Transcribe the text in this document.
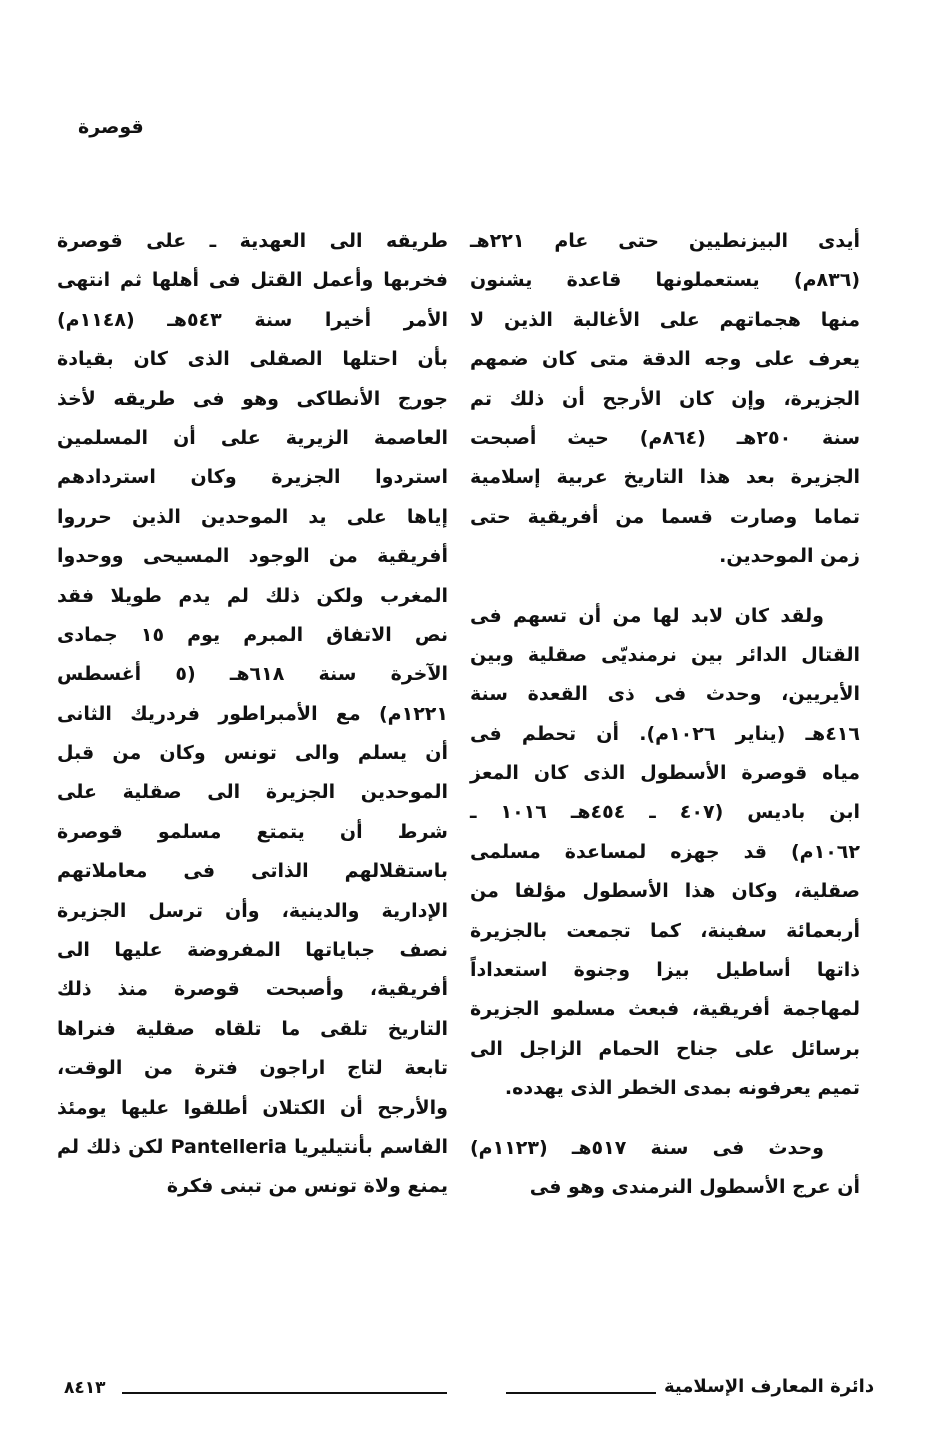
قوصرة
أيدى البيزنطيين حتى عام ٢٢١هـ
(٨٣٦م) يستعملونها قاعدة يشنون
منها هجماتهم على الأغالبة الذين لا
يعرف على وجه الدقة متى كان ضمهم
الجزيرة، وإن كان الأرجح أن ذلك تم
سنة ٢٥٠هـ (٨٦٤م) حيث أصبحت
الجزيرة بعد هذا التاريخ عربية إسلامية
تماما وصارت قسما من أفريقية حتى
زمن الموحدين.
ولقد كان لابد لها من أن تسهم فى
القتال الدائر بين نرمنديّى صقلية وبين
الأيريين، وحدث فى ذى القعدة سنة
٤١٦هـ (يناير ١٠٢٦م). أن تحطم فى
مياه قوصرة الأسطول الذى كان المعز
ابن باديس (٤٠٧ ـ ٤٥٤هـ ١٠١٦ ـ
١٠٦٢م) قد جهزه لمساعدة مسلمى
صقلية، وكان هذا الأسطول مؤلفا من
أربعمائة سفينة، كما تجمعت بالجزيرة
ذاتها أساطيل بيزا وجنوة استعداداً
لمهاجمة أفريقية، فبعث مسلمو الجزيرة
برسائل على جناح الحمام الزاجل الى
تميم يعرفونه بمدى الخطر الذى يهدده.
وحدث فى سنة ٥١٧هـ (١١٢٣م)
أن عرج الأسطول النرمندى وهو فى
طريقه الى العهدية ـ على قوصرة
فخربها وأعمل القتل فى أهلها ثم انتهى
الأمر أخيرا سنة ٥٤٣هـ (١١٤٨م)
بأن احتلها الصقلى الذى كان بقيادة
جورج الأنطاكى وهو فى طريقه لأخذ
العاصمة الزيرية على أن المسلمين
استردوا الجزيرة وكان استردادهم
إياها على يد الموحدين الذين حرروا
أفريقية من الوجود المسيحى ووحدوا
المغرب ولكن ذلك لم يدم طويلا فقد
نص الاتفاق المبرم يوم ١٥ جمادى
الآخرة سنة ٦١٨هـ (٥ أغسطس
١٢٢١م) مع الأمبراطور فردريك الثانى
أن يسلم والى تونس وكان من قبل
الموحدين الجزيرة الى صقلية على
شرط أن يتمتع مسلمو قوصرة
باستقلالهم الذاتى فى معاملاتهم
الإدارية والدينية، وأن ترسل الجزيرة
نصف جباياتها المفروضة عليها الى
أفريقية، وأصبحت قوصرة منذ ذلك
التاريخ تلقى ما تلقاه صقلية فنراها
تابعة لتاج اراجون فترة من الوقت،
والأرجح أن الكتلان أطلقوا عليها يومئذ
القاسم بأنتيليريا Pantelleria لكن ذلك لم
يمنع ولاة تونس من تبنى فكرة
دائرة المعارف الإسلامية
٨٤١٣
